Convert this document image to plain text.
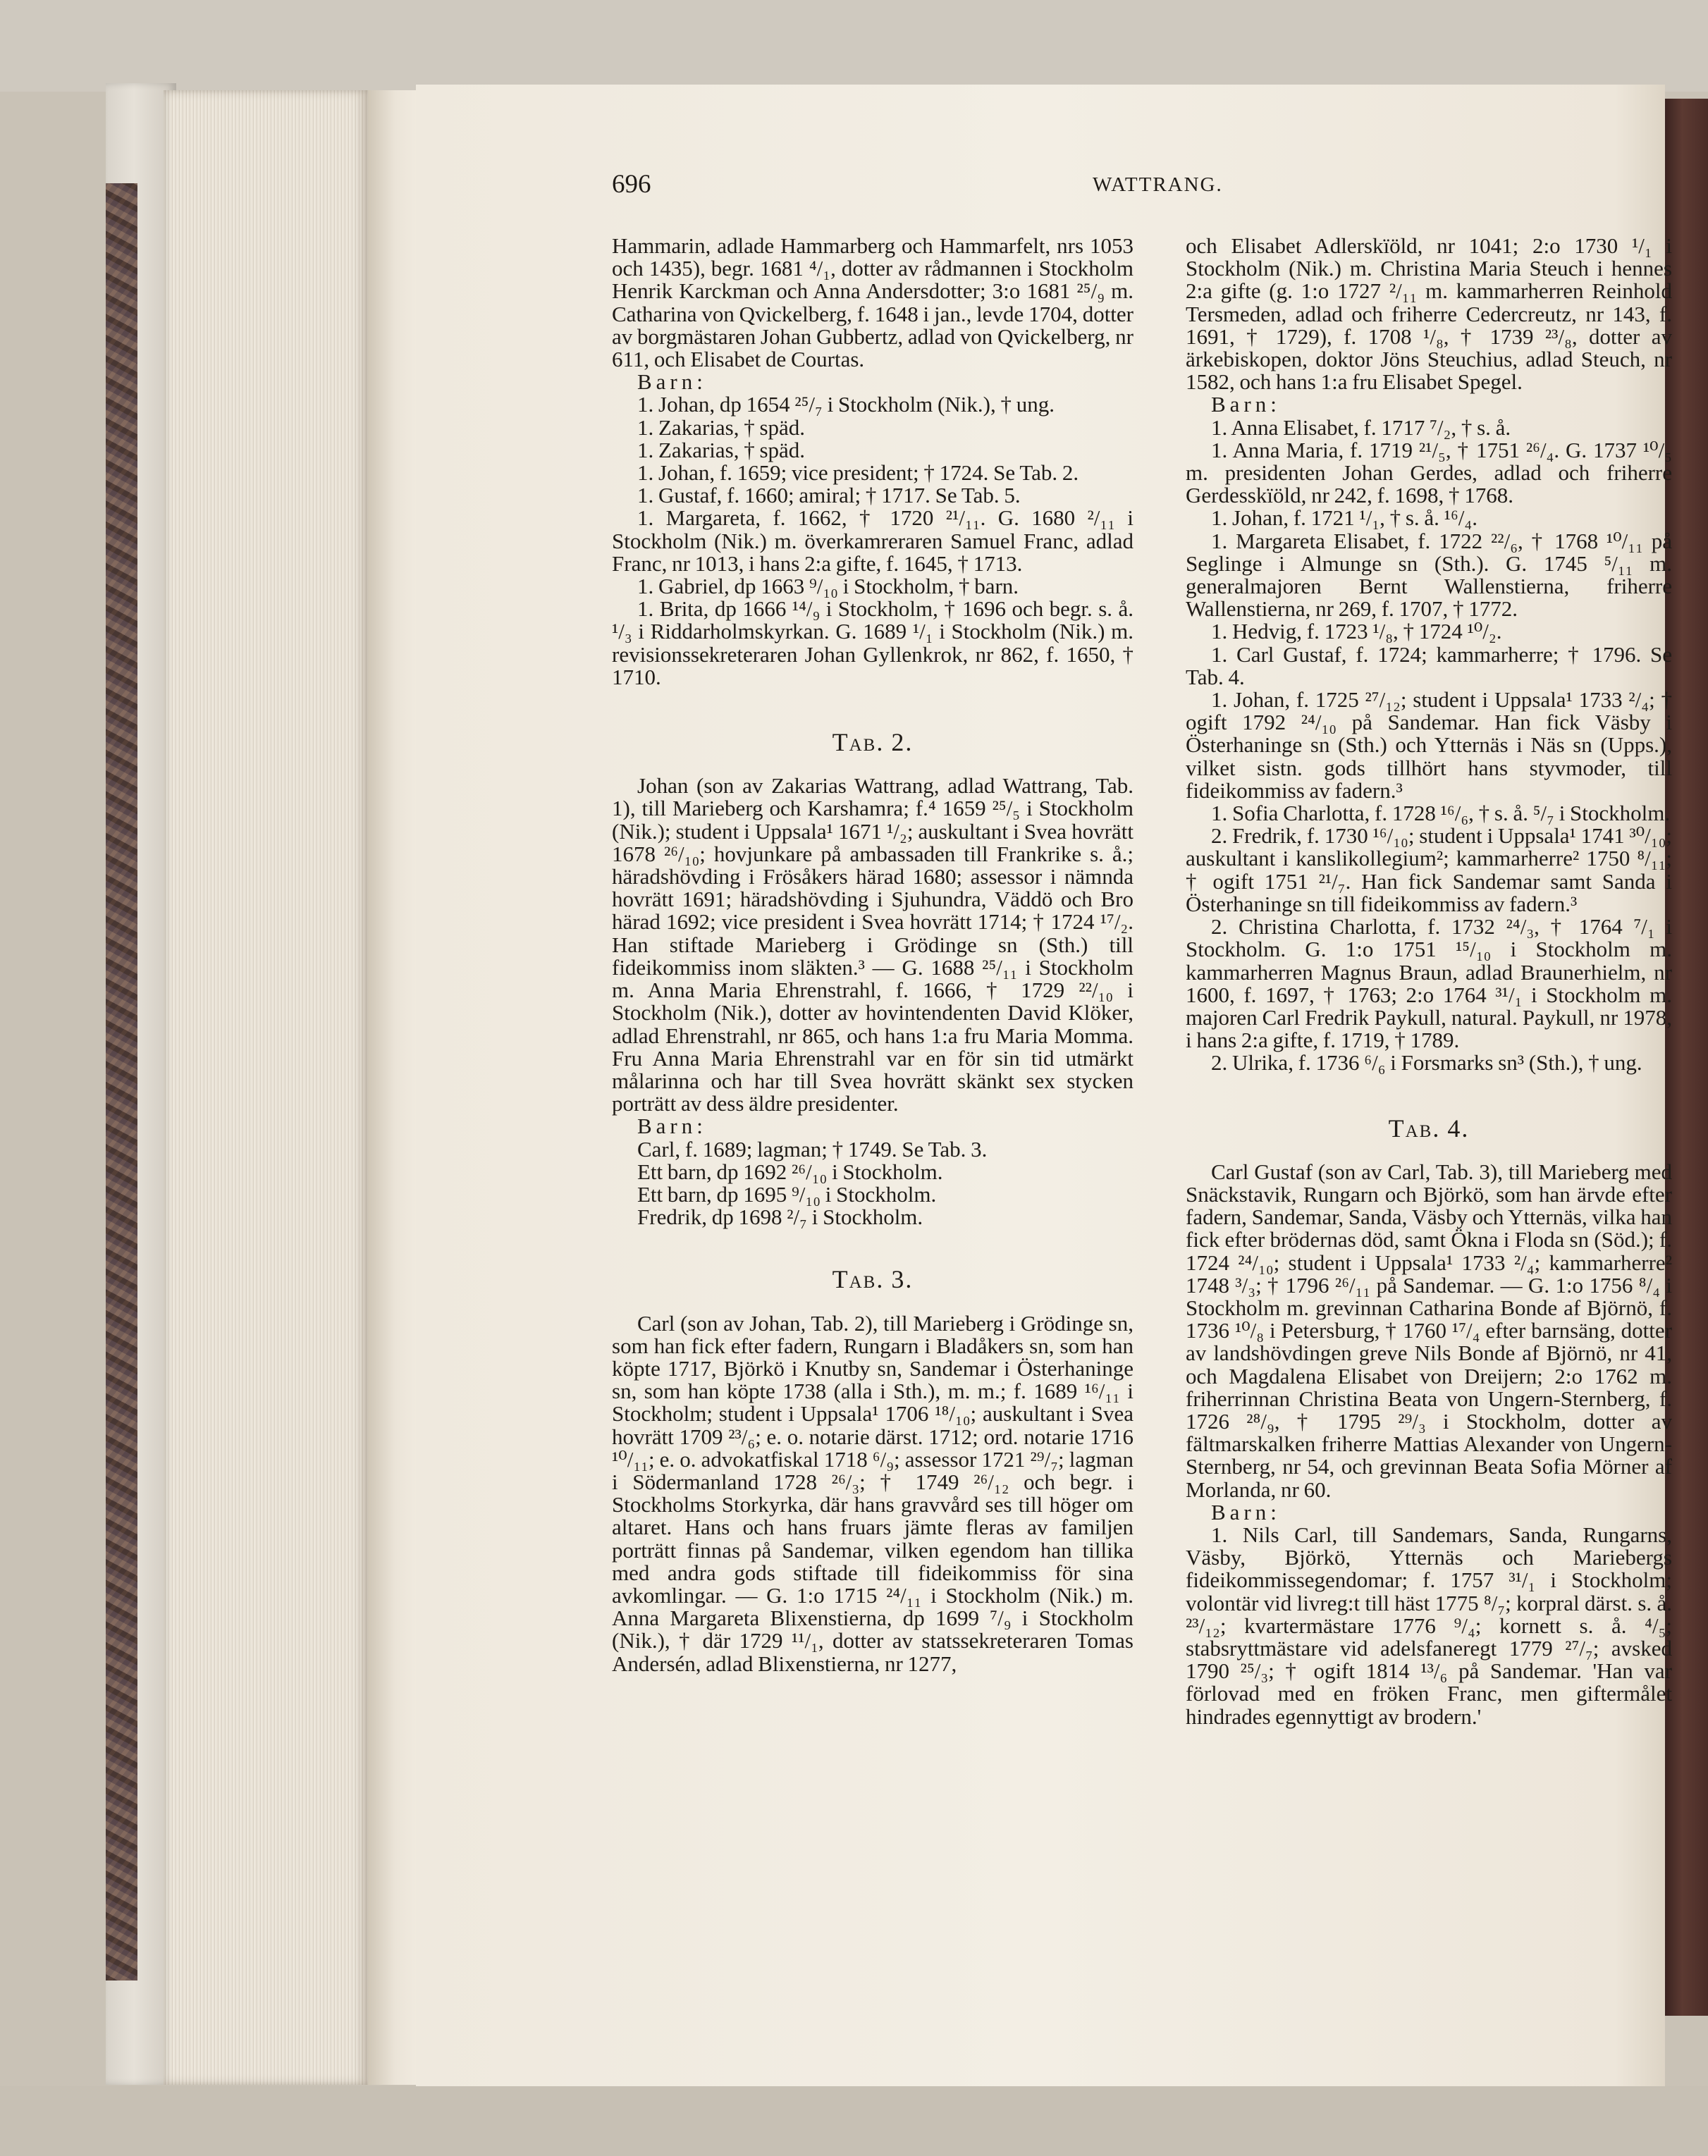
696	WATTRANG.

Hammarin, adlade Hammarberg och Hammarfelt, nrs 1053 och 1435), begr. 1681 ⁴/₁, dotter av rådmannen i Stockholm Henrik Karckman och Anna Andersdotter; 3:o 1681 ²⁵/₉ m. Catharina von Qvickelberg, f. 1648 i jan., levde 1704, dotter av borgmästaren Johan Gubbertz, adlad von Qvickelberg, nr 611, och Elisabet de Courtas.

Barn:

1. Johan, dp 1654 ²⁵/₇ i Stockholm (Nik.), † ung.

1. Zakarias, † späd.

1. Zakarias, † späd.

1. Johan, f. 1659; vice president; † 1724. Se Tab. 2.

1. Gustaf, f. 1660; amiral; † 1717. Se Tab. 5.

1. Margareta, f. 1662, † 1720 ²¹/₁₁. G. 1680 ²/₁₁ i Stockholm (Nik.) m. överkamreraren Samuel Franc, adlad Franc, nr 1013, i hans 2:a gifte, f. 1645, † 1713.

1. Gabriel, dp 1663 ⁹/₁₀ i Stockholm, † barn.

1. Brita, dp 1666 ¹⁴/₉ i Stockholm, † 1696 och begr. s. å. ¹/₃ i Riddarholmskyrkan. G. 1689 ¹/₁ i Stockholm (Nik.) m. revisionssekreteraren Johan Gyllenkrok, nr 862, f. 1650, † 1710.

Tab. 2.

Johan (son av Zakarias Wattrang, adlad Wattrang, Tab. 1), till Marieberg och Karshamra; f.⁴ 1659 ²⁵/₅ i Stockholm (Nik.); student i Uppsala¹ 1671 ¹/₂; auskultant i Svea hovrätt 1678 ²⁶/₁₀; hovjunkare på ambassaden till Frankrike s. å.; häradshövding i Frösåkers härad 1680; assessor i nämnda hovrätt 1691; häradshövding i Sjuhundra, Väddö och Bro härad 1692; vice president i Svea hovrätt 1714; † 1724 ¹⁷/₂. Han stiftade Marieberg i Grödinge sn (Sth.) till fideikommiss inom släkten.³ — G. 1688 ²⁵/₁₁ i Stockholm m. Anna Maria Ehrenstrahl, f. 1666, † 1729 ²²/₁₀ i Stockholm (Nik.), dotter av hovintendenten David Klöker, adlad Ehrenstrahl, nr 865, och hans 1:a fru Maria Momma. Fru Anna Maria Ehrenstrahl var en för sin tid utmärkt målarinna och har till Svea hovrätt skänkt sex stycken porträtt av dess äldre presidenter.

Barn:

Carl, f. 1689; lagman; † 1749. Se Tab. 3.

Ett barn, dp 1692 ²⁶/₁₀ i Stockholm.

Ett barn, dp 1695 ⁹/₁₀ i Stockholm.

Fredrik, dp 1698 ²/₇ i Stockholm.

Tab. 3.

Carl (son av Johan, Tab. 2), till Marieberg i Grödinge sn, som han fick efter fadern, Rungarn i Bladåkers sn, som han köpte 1717, Björkö i Knutby sn, Sandemar i Österhaninge sn, som han köpte 1738 (alla i Sth.), m. m.; f. 1689 ¹⁶/₁₁ i Stockholm; student i Uppsala¹ 1706 ¹⁸/₁₀; auskultant i Svea hovrätt 1709 ²³/₆; e. o. notarie därst. 1712; ord. notarie 1716 ¹⁰/₁₁; e. o. advokatfiskal 1718 ⁶/₉; assessor 1721 ²⁹/₇; lagman i Södermanland 1728 ²⁶/₃; † 1749 ²⁶/₁₂ och begr. i Stockholms Storkyrka, där hans gravvård ses till höger om altaret. Hans och hans fruars jämte fleras av familjen porträtt finnas på Sandemar, vilken egendom han tillika med andra gods stiftade till fideikommiss för sina avkomlingar. — G. 1:o 1715 ²⁴/₁₁ i Stockholm (Nik.) m. Anna Margareta Blixenstierna, dp 1699 ⁷/₉ i Stockholm (Nik.), † där 1729 ¹¹/₁, dotter av statssekreteraren Tomas Andersén, adlad Blixenstierna, nr 1277,

och Elisabet Adlerskïöld, nr 1041; 2:o 1730 ¹/₁ i Stockholm (Nik.) m. Christina Maria Steuch i hennes 2:a gifte (g. 1:o 1727 ²/₁₁ m. kammarherren Reinhold Tersmeden, adlad och friherre Cedercreutz, nr 143, f. 1691, † 1729), f. 1708 ¹/₈, † 1739 ²³/₈, dotter av ärkebiskopen, doktor Jöns Steuchius, adlad Steuch, nr 1582, och hans 1:a fru Elisabet Spegel.

Barn:

1. Anna Elisabet, f. 1717 ⁷/₂, † s. å.

1. Anna Maria, f. 1719 ²¹/₅, † 1751 ²⁶/₄. G. 1737 ¹⁰/₅ m. presidenten Johan Gerdes, adlad och friherre Gerdesskïöld, nr 242, f. 1698, † 1768.

1. Johan, f. 1721 ¹/₁, † s. å. ¹⁶/₄.

1. Margareta Elisabet, f. 1722 ²²/₆, † 1768 ¹⁰/₁₁ på Seglinge i Almunge sn (Sth.). G. 1745 ⁵/₁₁ m. generalmajoren Bernt Wallenstierna, friherre Wallenstierna, nr 269, f. 1707, † 1772.

1. Hedvig, f. 1723 ¹/₈, † 1724 ¹⁰/₂.

1. Carl Gustaf, f. 1724; kammarherre; † 1796. Se Tab. 4.

1. Johan, f. 1725 ²⁷/₁₂; student i Uppsala¹ 1733 ²/₄; † ogift 1792 ²⁴/₁₀ på Sandemar. Han fick Väsby i Österhaninge sn (Sth.) och Ytternäs i Näs sn (Upps.), vilket sistn. gods tillhört hans styvmoder, till fideikommiss av fadern.³

1. Sofia Charlotta, f. 1728 ¹⁶/₆, † s. å. ⁵/₇ i Stockholm.

2. Fredrik, f. 1730 ¹⁶/₁₀; student i Uppsala¹ 1741 ³⁰/₁₀; auskultant i kanslikollegium²; kammarherre² 1750 ⁸/₁₁; † ogift 1751 ²¹/₇. Han fick Sandemar samt Sanda i Österhaninge sn till fideikommiss av fadern.³

2. Christina Charlotta, f. 1732 ²⁴/₃, † 1764 ⁷/₁ i Stockholm. G. 1:o 1751 ¹⁵/₁₀ i Stockholm m. kammarherren Magnus Braun, adlad Braunerhielm, nr 1600, f. 1697, † 1763; 2:o 1764 ³¹/₁ i Stockholm m. majoren Carl Fredrik Paykull, natural. Paykull, nr 1978, i hans 2:a gifte, f. 1719, † 1789.

2. Ulrika, f. 1736 ⁶/₆ i Forsmarks sn³ (Sth.), † ung.

Tab. 4.

Carl Gustaf (son av Carl, Tab. 3), till Marieberg med Snäckstavik, Rungarn och Björkö, som han ärvde efter fadern, Sandemar, Sanda, Väsby och Ytternäs, vilka han fick efter brödernas död, samt Ökna i Floda sn (Söd.); f. 1724 ²⁴/₁₀; student i Uppsala¹ 1733 ²/₄; kammarherre² 1748 ³/₃; † 1796 ²⁶/₁₁ på Sandemar. — G. 1:o 1756 ⁸/₄ i Stockholm m. grevinnan Catharina Bonde af Björnö, f. 1736 ¹⁰/₈ i Petersburg, † 1760 ¹⁷/₄ efter barnsäng, dotter av landshövdingen greve Nils Bonde af Björnö, nr 41, och Magdalena Elisabet von Dreijern; 2:o 1762 m. friherrinnan Christina Beata von Ungern-Sternberg, f. 1726 ²⁸/₉, † 1795 ²⁹/₃ i Stockholm, dotter av fältmarskalken friherre Mattias Alexander von Ungern-Sternberg, nr 54, och grevinnan Beata Sofia Mörner af Morlanda, nr 60.

Barn:

1. Nils Carl, till Sandemars, Sanda, Rungarns, Väsby, Björkö, Ytternäs och Mariebergs fideikommissegendomar; f. 1757 ³¹/₁ i Stockholm; volontär vid livreg:t till häst 1775 ⁸/₇; korpral därst. s. å. ²³/₁₂; kvartermästare 1776 ⁹/₄; kornett s. å. ⁴/₅; stabsryttmästare vid adelsfaneregt 1779 ²⁷/₇; avsked 1790 ²⁵/₃; † ogift 1814 ¹³/₆ på Sandemar. 'Han var förlovad med en fröken Franc, men giftermålet hindrades egennyttigt av brodern.'
